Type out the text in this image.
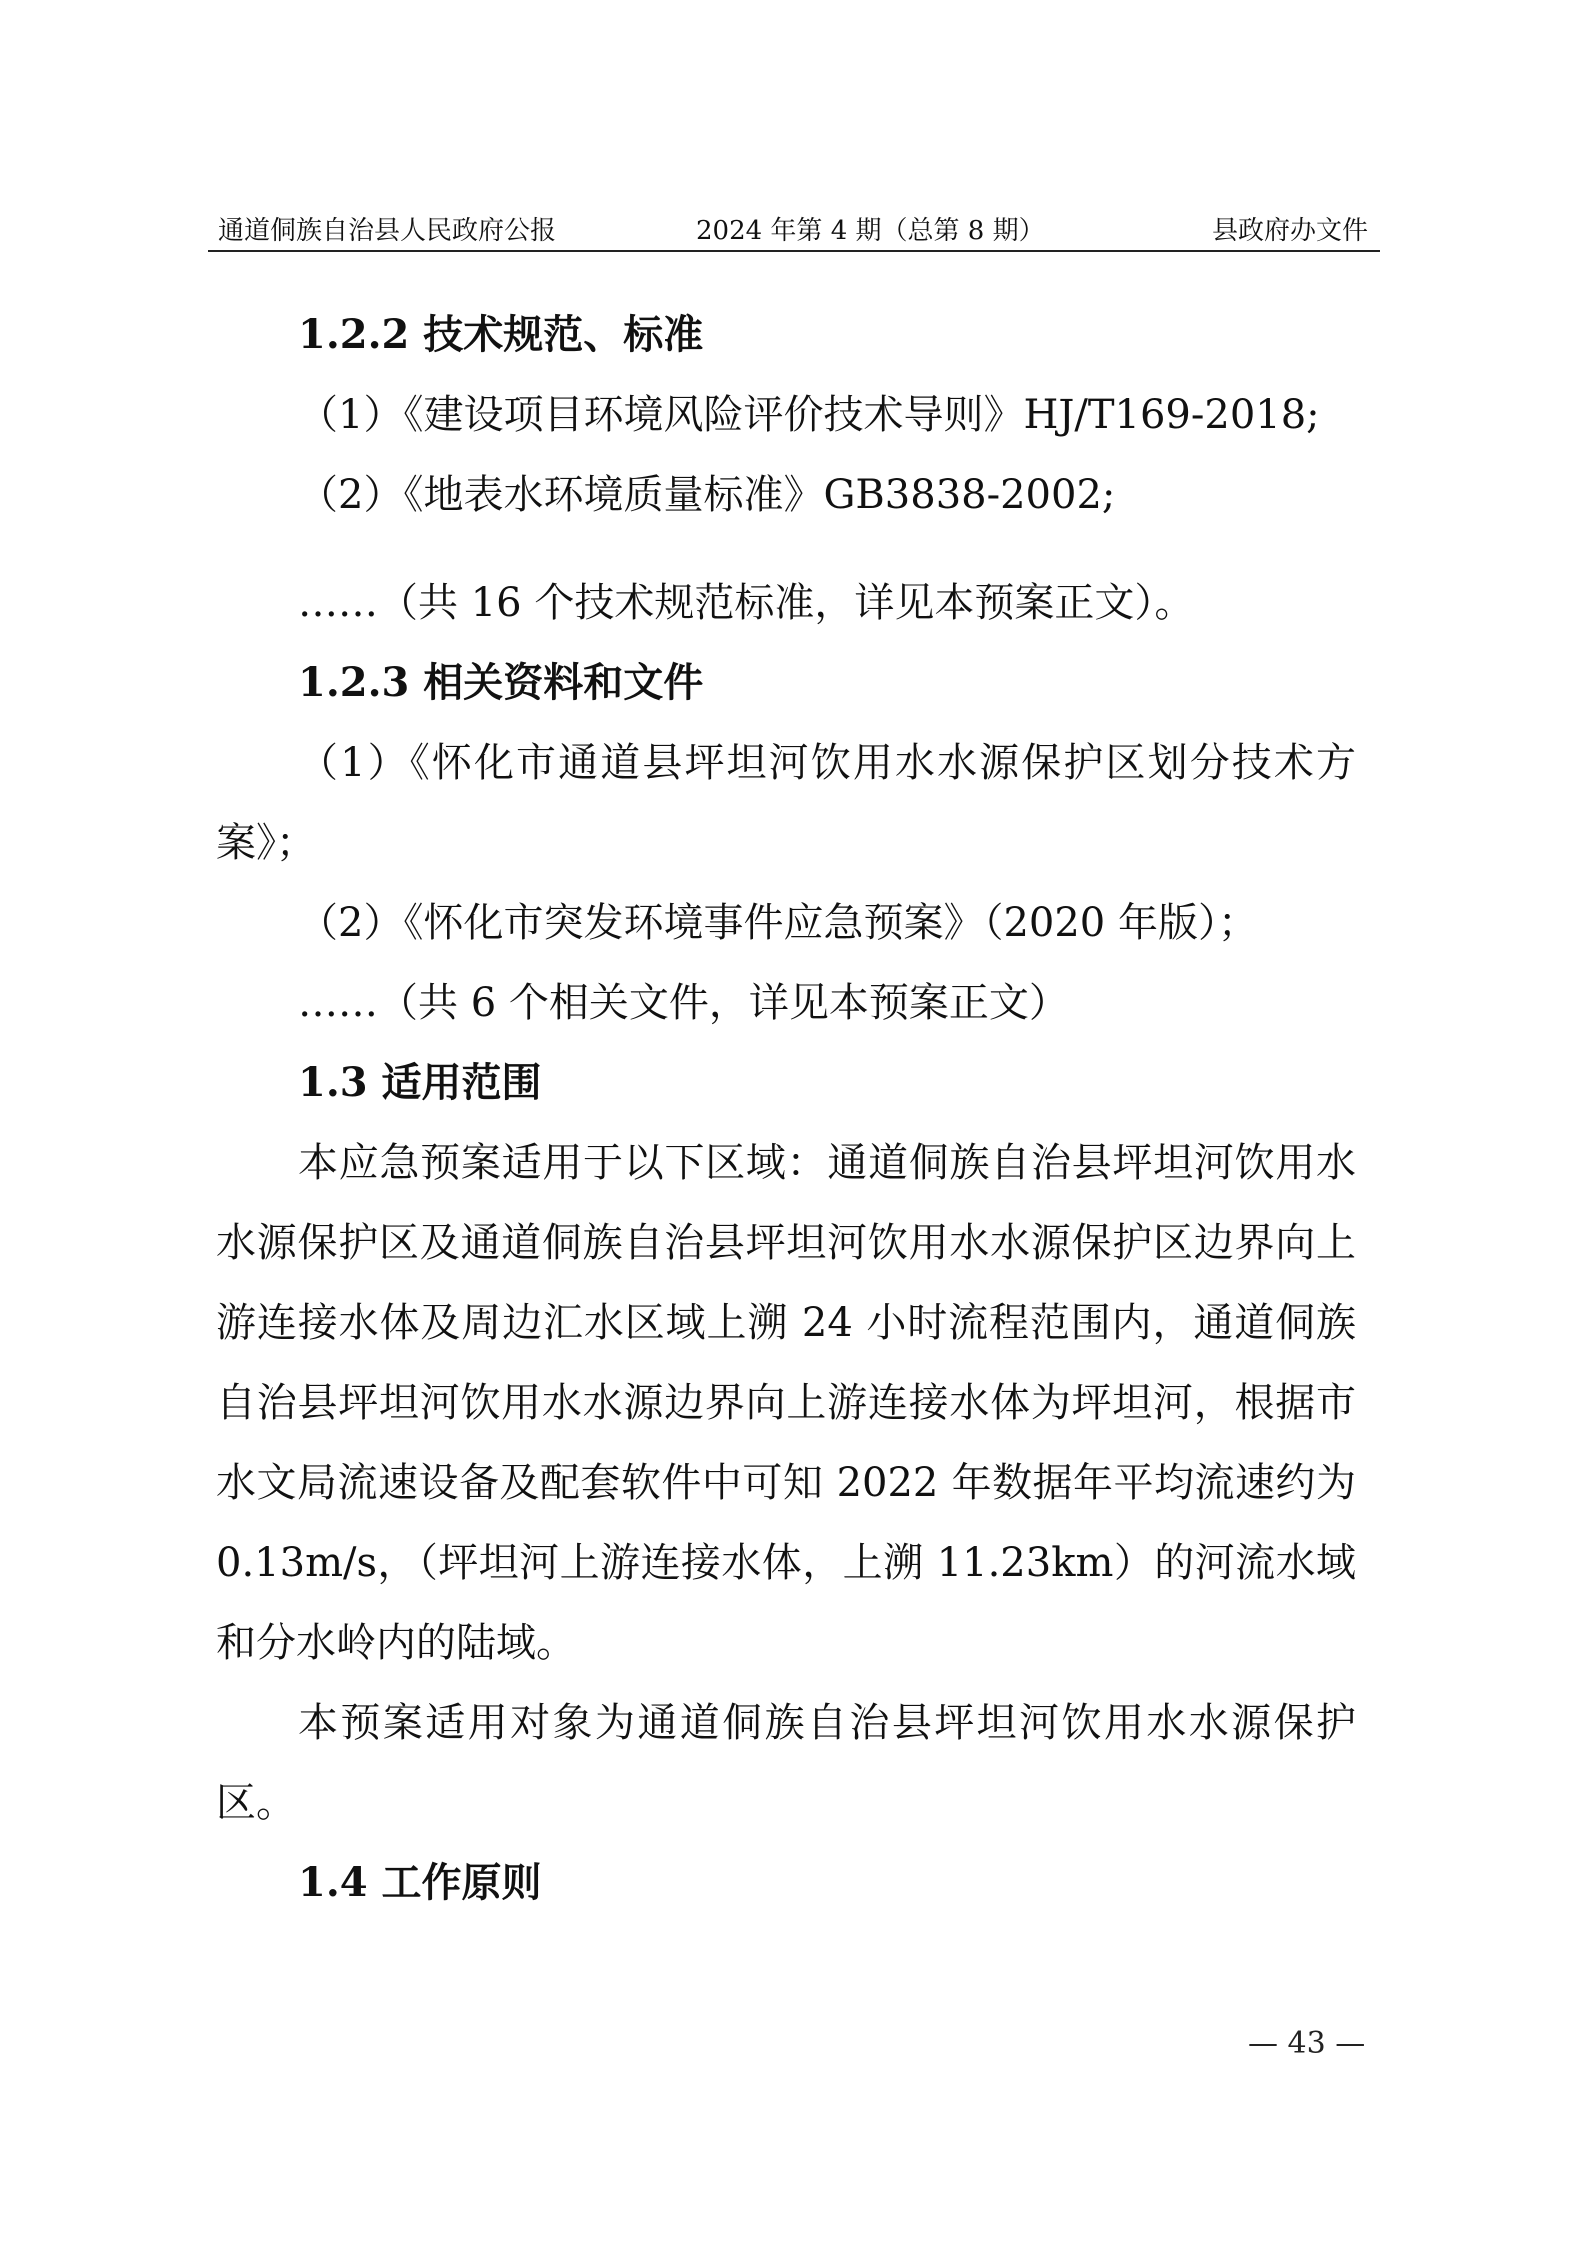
通道侗族自治县人民政府公报	2024 年第 4 期（总第 8 期）	县政府办文件
1.2.2 技术规范、标准

（1）《建设项目环境风险评价技术导则》HJ/T169-2018;

（2）《地表水环境质量标准》GB3838-2002;

……（共 16 个技术规范标准，详见本预案正文）。

1.2.3 相关资料和文件

（1）《怀化市通道县坪坦河饮用水水源保护区划分技术方案》；

（2）《怀化市突发环境事件应急预案》（2020 年版）；

……（共 6 个相关文件，详见本预案正文）

1.3 适用范围

本应急预案适用于以下区域：通道侗族自治县坪坦河饮用水水源保护区及通道侗族自治县坪坦河饮用水水源保护区边界向上游连接水体及周边汇水区域上溯 24 小时流程范围内，通道侗族自治县坪坦河饮用水水源边界向上游连接水体为坪坦河，根据市水文局流速设备及配套软件中可知 2022 年数据年平均流速约为 0.13m/s，（坪坦河上游连接水体，上溯 11.23km）的河流水域和分水岭内的陆域。

本预案适用对象为通道侗族自治县坪坦河饮用水水源保护区。

1.4 工作原则
— 43 —
